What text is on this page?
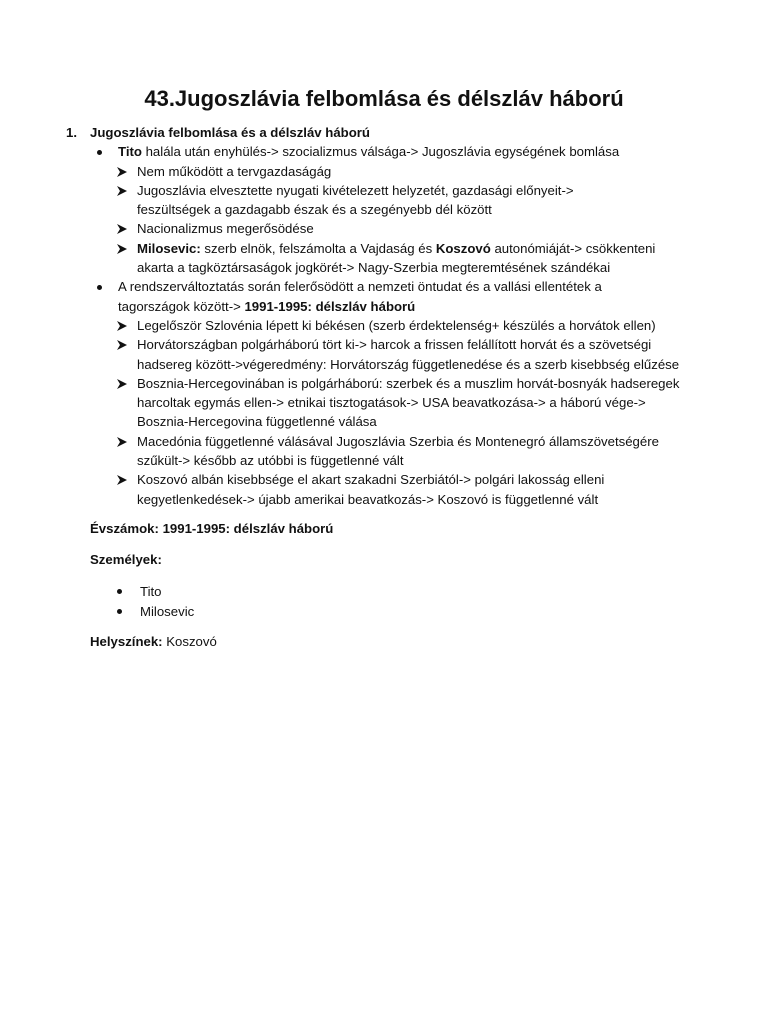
43.Jugoszlávia felbomlása és délszláv háború
1. Jugoszlávia felbomlása és a délszláv háború
Tito halála után enyhülés-> szocializmus válsága-> Jugoszlávia egységének bomlása
Nem működött a tervgazdaságág
Jugoszlávia elvesztette nyugati kivételezett helyzetét, gazdasági előnyeit->
feszültségek a gazdagabb észak és a szegényebb dél között
Nacionalizmus megerősödése
Milosevic: szerb elnök, felszámolta a Vajdaság és Koszovó autonómiáját-> csökkenteni
akarta a tagköztársaságok jogkörét-> Nagy-Szerbia megteremtésének szándékai
A rendszerváltoztatás során felerősödött a nemzeti öntudat és a vallási ellentétek a
tagországok között-> 1991-1995: délszláv háború
Legelőször Szlovénia lépett ki békésen (szerb érdektelenség+ készülés a horvátok ellen)
Horvátországban polgárháború tört ki-> harcok a frissen felállított horvát és a szövetségi
hadsereg között->végeredmény: Horvátország függetlenedése és a szerb kisebbség elűzése
Bosznia-Hercegovinában is polgárháború: szerbek és a muszlim horvát-bosnyák hadseregek
harcoltak egymás ellen-> etnikai tisztogatások-> USA beavatkozása-> a háború vége->
Bosznia-Hercegovina függetlenné válása
Macedónia függetlenné válásával Jugoszlávia Szerbia és Montenegró államszövetségére
szűkült-> később az utóbbi is függetlenné vált
Koszovó albán kisebbsége el akart szakadni Szerbiától-> polgári lakosság elleni
kegyetlenkedések-> újabb amerikai beavatkozás-> Koszovó is függetlenné vált
Évszámok: 1991-1995: délszláv háború
Személyek:
Tito
Milosevic
Helyszínek: Koszovó
